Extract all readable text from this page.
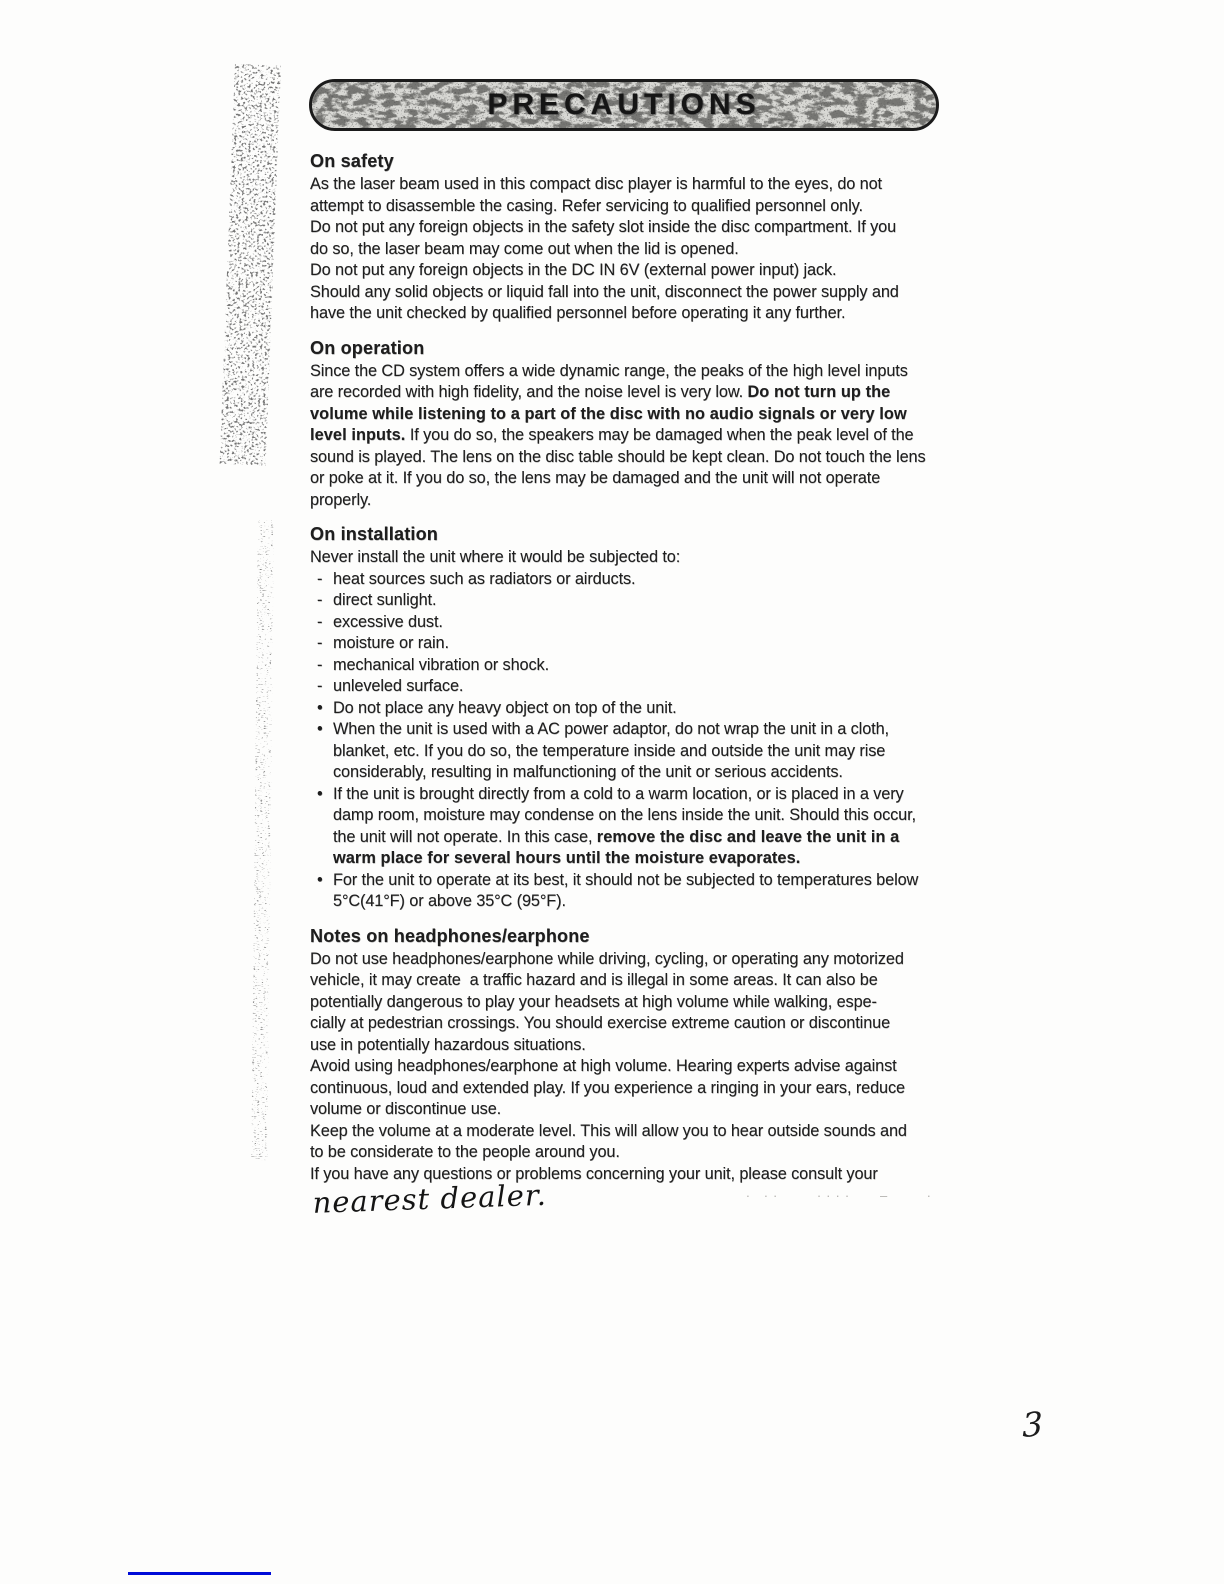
PRECAUTIONS
On safety
As the laser beam used in this compact disc player is harmful to the eyes, do not
attempt to disassemble the casing. Refer servicing to qualified personnel only.
Do not put any foreign objects in the safety slot inside the disc compartment. If you
do so, the laser beam may come out when the lid is opened.
Do not put any foreign objects in the DC IN 6V (external power input) jack.
Should any solid objects or liquid fall into the unit, disconnect the power supply and
have the unit checked by qualified personnel before operating it any further.
On operation
Since the CD system offers a wide dynamic range, the peaks of the high level inputs
are recorded with high fidelity, and the noise level is very low. Do not turn up the
volume while listening to a part of the disc with no audio signals or very low
level inputs. If you do so, the speakers may be damaged when the peak level of the
sound is played. The lens on the disc table should be kept clean. Do not touch the lens
or poke at it. If you do so, the lens may be damaged and the unit will not operate
properly.
On installation
Never install the unit where it would be subjected to:
- heat sources such as radiators or airducts.
- direct sunlight.
- excessive dust.
- moisture or rain.
- mechanical vibration or shock.
- unleveled surface.
• Do not place any heavy object on top of the unit.
• When the unit is used with a AC power adaptor, do not wrap the unit in a cloth,
blanket, etc. If you do so, the temperature inside and outside the unit may rise
considerably, resulting in malfunctioning of the unit or serious accidents.
• If the unit is brought directly from a cold to a warm location, or is placed in a very
damp room, moisture may condense on the lens inside the unit. Should this occur,
the unit will not operate. In this case, remove the disc and leave the unit in a
warm place for several hours until the moisture evaporates.
• For the unit to operate at its best, it should not be subjected to temperatures below
5°C(41°F) or above 35°C (95°F).
Notes on headphones/earphone
Do not use headphones/earphone while driving, cycling, or operating any motorized
vehicle, it may create  a traffic hazard and is illegal in some areas. It can also be
potentially dangerous to play your headsets at high volume while walking, espe-
cially at pedestrian crossings. You should exercise extreme caution or discontinue
use in potentially hazardous situations.
Avoid using headphones/earphone at high volume. Hearing experts advise against
continuous, loud and extended play. If you experience a ringing in your ears, reduce
volume or discontinue use.
Keep the volume at a moderate level. This will allow you to hear outside sounds and
to be considerate to the people around you.
If you have any questions or problems concerning your unit, please consult your
nearest dealer.	· ··    ····   –    ·
3
